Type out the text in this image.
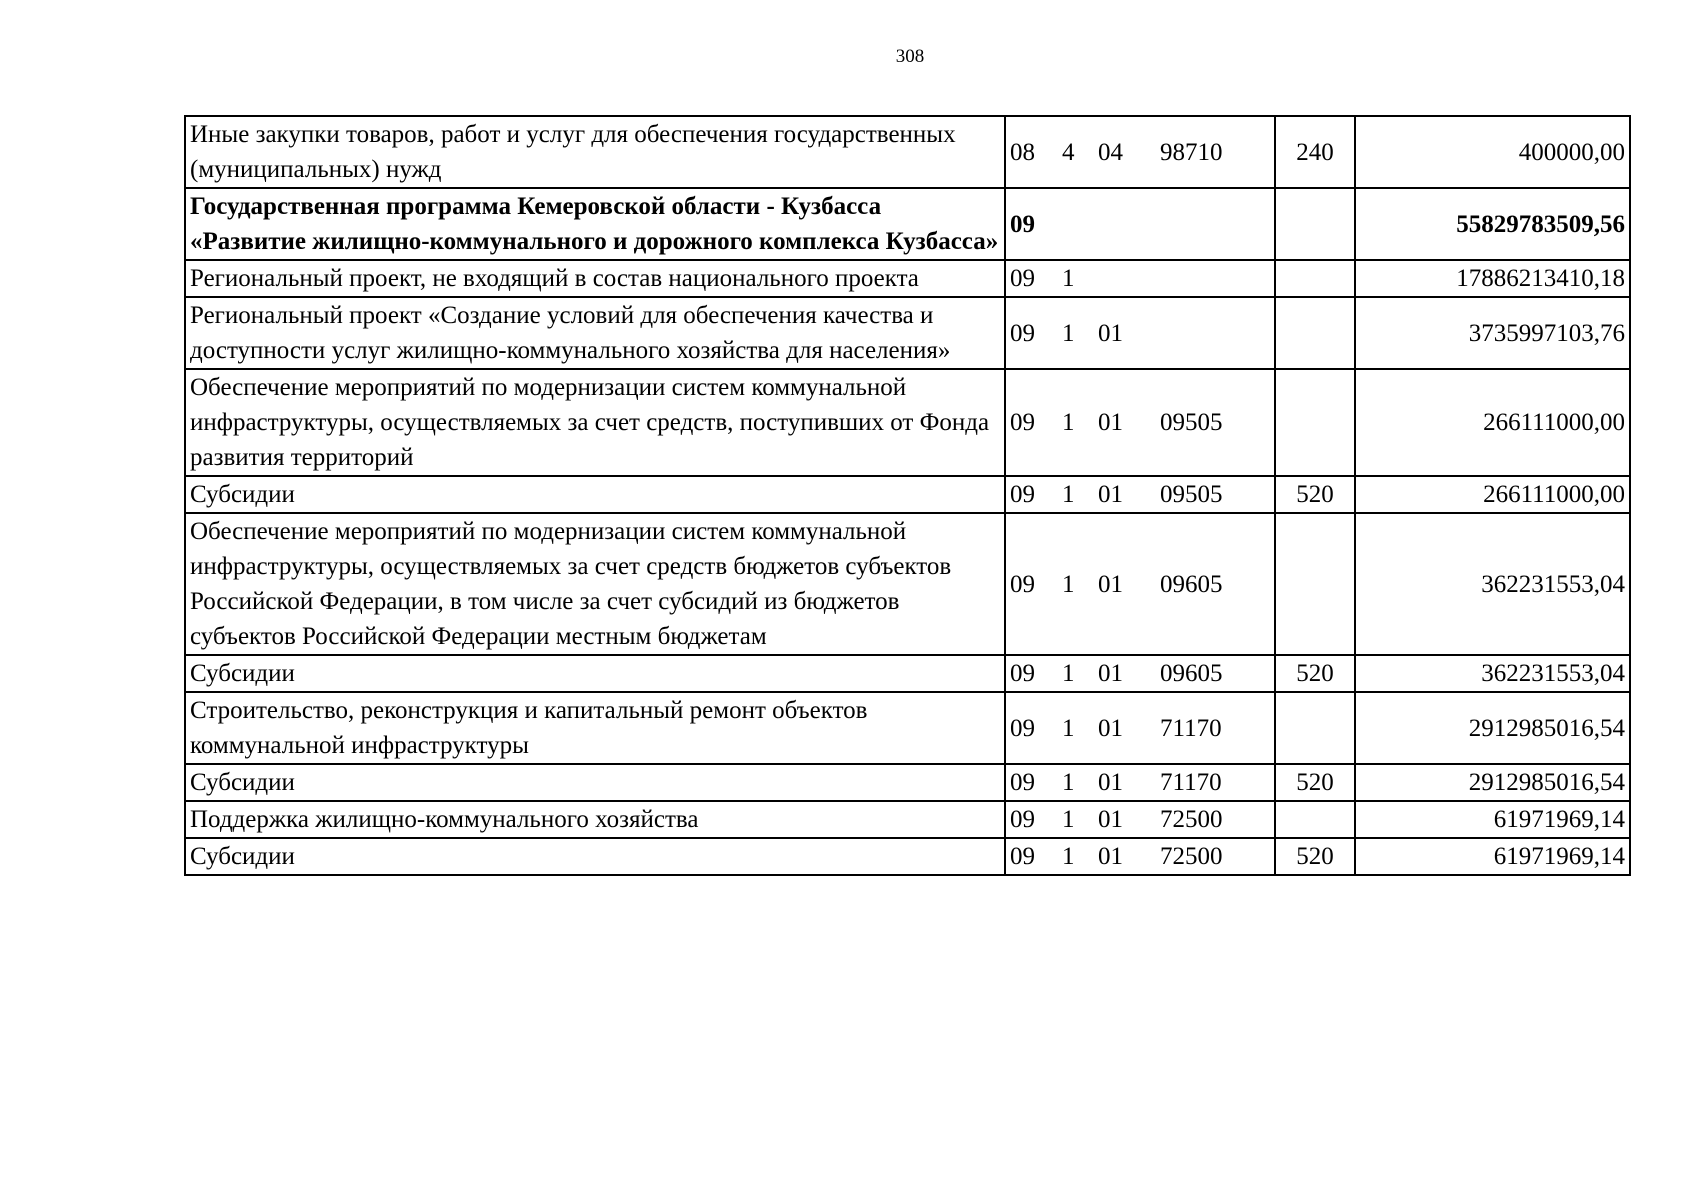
308
Иные закупки товаров, работ и услуг для обеспечения государственных (муниципальных) нужд	08 4 04 98710	240	400000,00
Государственная программа Кемеровской области - Кузбасса «Развитие жилищно-коммунального и дорожного комплекса Кузбасса»	09		55829783509,56
Региональный проект, не входящий в состав национального проекта	09 1		17886213410,18
Региональный проект «Создание условий для обеспечения качества и доступности услуг жилищно-коммунального хозяйства для населения»	09 1 01		3735997103,76
Обеспечение мероприятий по модернизации систем коммунальной инфраструктуры, осуществляемых за счет средств, поступивших от Фонда развития территорий	09 1 01 09505		266111000,00
Субсидии	09 1 01 09505	520	266111000,00
Обеспечение мероприятий по модернизации систем коммунальной инфраструктуры, осуществляемых за счет средств бюджетов субъектов Российской Федерации, в том числе за счет субсидий из бюджетов субъектов Российской Федерации местным бюджетам	09 1 01 09605		362231553,04
Субсидии	09 1 01 09605	520	362231553,04
Строительство, реконструкция и капитальный ремонт объектов коммунальной инфраструктуры	09 1 01 71170		2912985016,54
Субсидии	09 1 01 71170	520	2912985016,54
Поддержка жилищно-коммунального хозяйства	09 1 01 72500		61971969,14
Субсидии	09 1 01 72500	520	61971969,14
